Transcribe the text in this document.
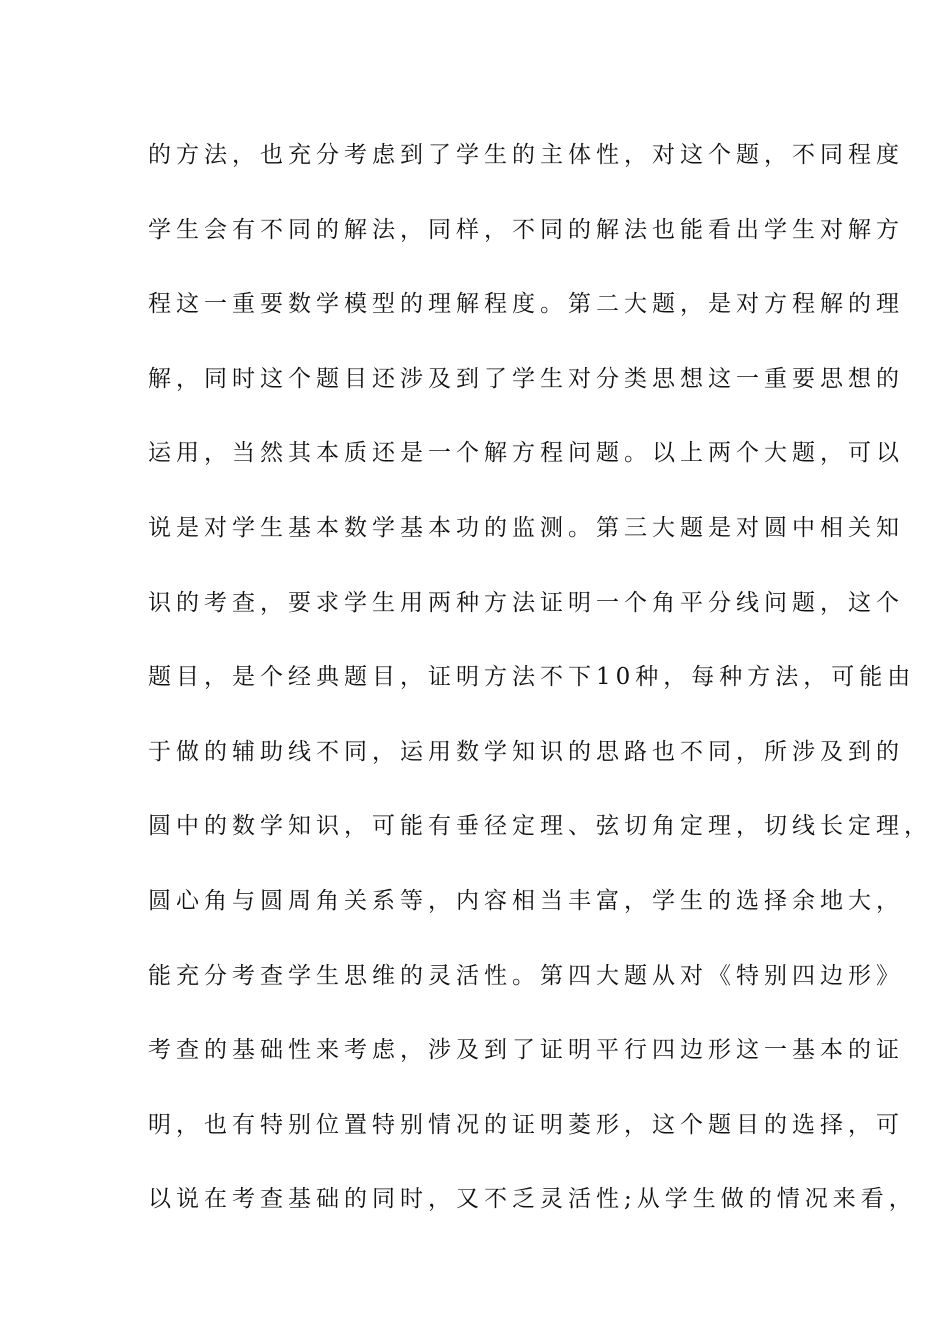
的方法，也充分考虑到了学生的主体性，对这个题，不同程度
学生会有不同的解法，同样，不同的解法也能看出学生对解方
程这一重要数学模型的理解程度。第二大题，是对方程解的理
解，同时这个题目还涉及到了学生对分类思想这一重要思想的
运用，当然其本质还是一个解方程问题。以上两个大题，可以
说是对学生基本数学基本功的监测。第三大题是对圆中相关知
识的考查，要求学生用两种方法证明一个角平分线问题，这个
题目，是个经典题目，证明方法不下10种，每种方法，可能由
于做的辅助线不同，运用数学知识的思路也不同，所涉及到的
圆中的数学知识，可能有垂径定理、弦切角定理，切线长定理，
圆心角与圆周角关系等，内容相当丰富，学生的选择余地大，
能充分考查学生思维的灵活性。第四大题从对《特别四边形》
考查的基础性来考虑，涉及到了证明平行四边形这一基本的证
明，也有特别位置特别情况的证明菱形，这个题目的选择，可
以说在考查基础的同时，又不乏灵活性;从学生做的情况来看，
